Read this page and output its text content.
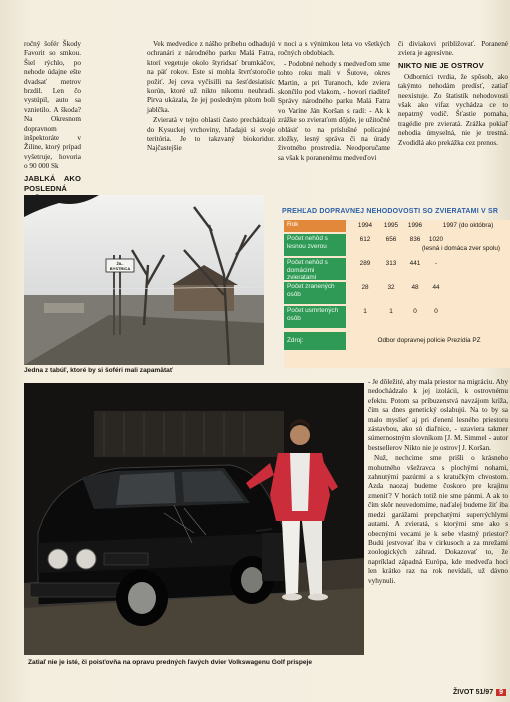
ročný šofér Škody Favorit so smkou. Šiel rýchlo, po nehode údajne ešte dvadsať metrov brzdil. Len čo vystúpil, auto sa vznietilo. A škoda? Na Okresnom dopravnom inšpektoráte v Žiline, ktorý prípad vyšetruje, hovoria o 90 000 Sk

JABLKÁ AKO POSLEDNÁ

Vek medvedice z nášho príbehu odhadujú ochranári z národného parku Malá Fatra, ktorí vegetuje okolo štyridsať brumkáčov, na päť rokov. Este si mohla štvrťstoročie požiť. Jej ceva vyčísilli na šesťdesiatisíc korún, ktoré už nikto nikomu neuhradí. Pirva ukázala, že jej posledným pítom boli jablčka.

Zvieratá v tejto oblasti často prechádzajú do Kysuckej vrchoviny, hľadajú si svoje teritória. Je to takzvaný biokoridor. Najčastejšie

v noci a s výnimkou leta vo všetkých ročných obdobiach.

- Podobné nehody s medveďom sme tohto roku mali v Šutove, okres Martin, a pri Turanoch, kde zviera skončilo pod vlakom, - hovorí riaditeľ Správy národného parku Malá Fatra vo Varíne Ján Koršan s radí: - Ak k zrážke so zvieraťom dôjde, je užitočné oblásiť to na príslušné policajné zložky, lesný správa či na úrady životného prostredia. Neodporučame sa však k poranenému medveďovi

či diviakovi približovať. Poranené zviera je agresívne.

NIKTO NIE JE OSTROV

Odborníci tvrdia, že spôsob, ako takýmto nehodám predísť, zatiaľ neexistuje. Zo štatistík nehodovosti však ako vifaz vychádza ce to nepatrný vodič. Šťastie pomaha, tragédie pre zvieratá. Zrážka pokiaľ nehodia úmyselná, nie je trestná. Zvodidlá ako prekážka cez prenos.

ŽIL. BYSTRICA
Jedna z tabúľ, ktoré by si šoféri mali zapamätať
PREHĽAD DOPRAVNEJ NEHODOVOSTI SO ZVIERATAMI V SR
Rok	1994	1995	1996	1997 (do októbra)
Počet nehôd s lesnou zverou
612	656	836	1020
(lesná i domáca zver spolu)
Počet nehôd s domácimi zvieratami
289	313	441	-
Počet zranených osôb
28	32	48	44
Počet usmrtených osôb
1	1	0	0
Zdroj:	Odbor dopravnej polície Prezídia PZ
Zatiaľ nie je isté, či poisťovňa na opravu predných ľavých dvier Volkswagenu Golf prispeje

- Je dôležité, aby mala priestor na migráciu. Aby nedochádzalo k jej izolácii, k ostrovnému efektu. Potom sa príbuzenstvá navzájom kríža, čím sa dnes genetický oslabujú. Na to by sa malo myslieť aj pri ďenení lesného priestoru zástavbou, ako sú diaľnice, - uzaviera takmer súmernostným slovníkom [J. M. Simmel - autor bestsellerov Nikto nie je ostrov] J. Koršan.

Nuž, nechcime sme prišli o krásneho mohutného všežravca s plochými nohami, zahnutými pazúrmi a s kratučkým chvostom. Azda naozaj budeme čoskoro pre krajinu zmeniť? V horách totiž nie sme pánmi. A ak to čím skôr neuvedomíme, naďalej budeme žiť iba medzi garážami prepchatými superrýchlymi autami. A zvieratá, s ktorými sme ako s obecnými vecami je k sebe vlastný priestor? Budú jestvovať iba v cirkusoch a za mrežami zoologických záhrad. Dokazovať to, že napríklad západná Európa, kde medveďa hoci len krátko raz na rok nevídali, už dávno vyhynuli.

ŽIVOT 51/97 9
